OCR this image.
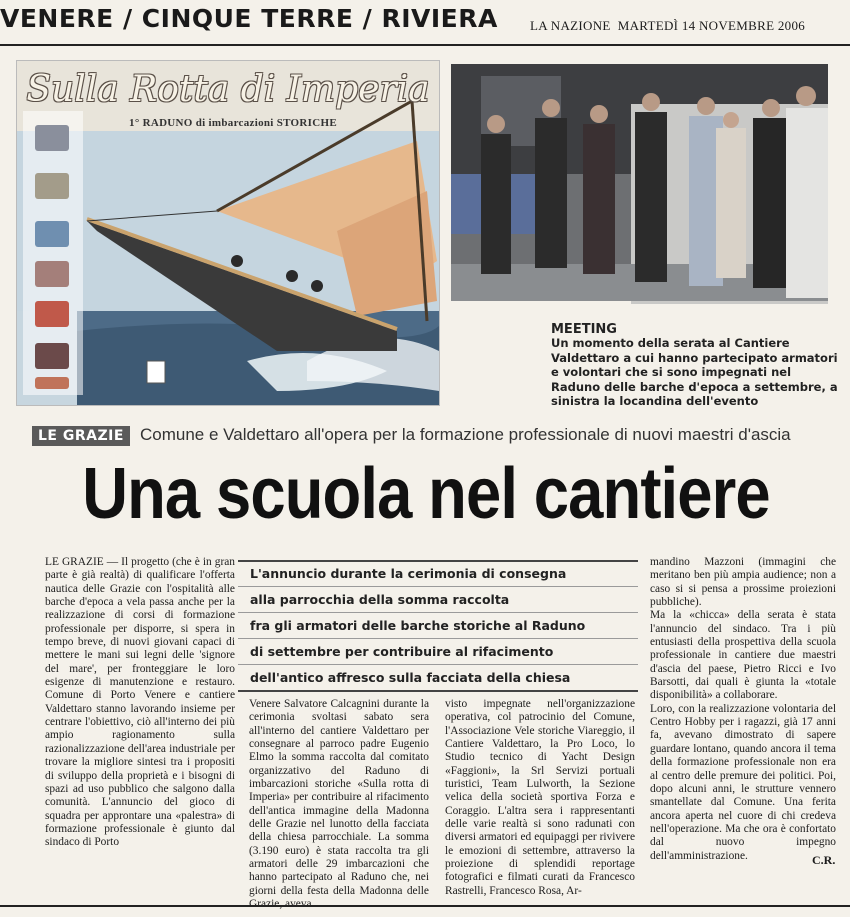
VENERE / CINQUE TERRE / RIVIERA LA NAZIONE MARTEDÌ 14 NOVEMBRE 2006
Sulla Rotta di Imperia
1° RADUNO di imbarcazioni STORICHE
MEETING
Un momento della serata al Cantiere Valdettaro a cui hanno partecipato armatori e volontari che si sono impegnati nel Raduno delle barche d'epoca a settembre, a sinistra la locandina dell'evento
LE GRAZIE Comune e Valdettaro all'opera per la formazione professionale di nuovi maestri d'ascia
Una scuola nel cantiere

LE GRAZIE — Il progetto (che è in gran parte è già realtà) di qualificare l'offerta nautica delle Grazie con l'ospitalità alle barche d'epoca a vela passa anche per la realizzazione di corsi di formazione professionale per disporre, si spera in tempo breve, di nuovi giovani capaci di mettere le mani sui legni delle 'signore del mare', per fronteggiare le loro esigenze di manutenzione e restauro. Comune di Porto Venere e cantiere Valdettaro stanno lavorando insieme per centrare l'obiettivo, ciò all'interno dei più ampio ragionamento sulla razionalizzazione dell'area industriale per trovare la migliore sintesi tra i propositi di sviluppo della proprietà e i bisogni di spazi ad uso pubblico che salgono dalla comunità. L'annuncio del gioco di squadra per approntare una «palestra» di formazione professionale è giunto dal sindaco di Porto

L'annuncio durante la cerimonia di consegna
alla parrocchia della somma raccolta
fra gli armatori delle barche storiche al Raduno
di settembre per contribuire al rifacimento
dell'antico affresco sulla facciata della chiesa

Venere Salvatore Calcagnini durante la cerimonia svoltasi sabato sera all'interno del cantiere Valdettaro per consegnare al parroco padre Eugenio Elmo la somma raccolta dal comitato organizzativo del Raduno di imbarcazioni storiche «Sulla rotta di Imperia» per contribuire al rifacimento dell'antica immagine della Madonna delle Grazie nel lunotto della facciata della chiesa parrocchiale. La somma (3.190 euro) è stata raccolta tra gli armatori delle 29 imbarcazioni che hanno partecipato al Raduno che, nei giorni della festa della Madonna delle

visto impegnate nell'organizzazione operativa, col patrocinio del Comune, l'Associazione Vele storiche Viareggio, il Cantiere Valdettaro, la Pro Loco, lo Studio tecnico di Yacht Design «Faggioni», la Srl Servizi portuali turistici, Team Lulworth, la Sezione velica della società sportiva Forza e Coraggio. L'altra sera i rappresentanti delle varie realtà si sono radunati con diversi armatori ed equipaggi per rivivere le emozioni di settembre, attraverso la proiezione di splendidi reportage fotografici e filmati curati da Francesco Rastrelli, Francesco Rosa, Ar-

mandino Mazzoni (immagini che meritano ben più ampia audience; non a caso si si pensa a prossime proiezioni pubbliche).

Ma la «chicca» della serata è stata l'annuncio del sindaco. Tra i più entusiasti della prospettiva della scuola professionale in cantiere due maestri d'ascia del paese, Pietro Ricci e Ivo Barsotti, dai quali è giunta la «totale disponibilità» a collaborare.

Loro, con la realizzazione volontaria del Centro Hobby per i ragazzi, già 17 anni fa, avevano dimostrato di sapere guardare lontano, quando ancora il tema della formazione professionale non era al centro delle premure dei politici. Poi, dopo alcuni anni, le strutture vennero smantellate dal Comune. Una ferita ancora aperta nel cuore di chi credeva nell'operazione. Ma che ora è confortato dal nuovo impegno dell'amministrazione.	C.R.
